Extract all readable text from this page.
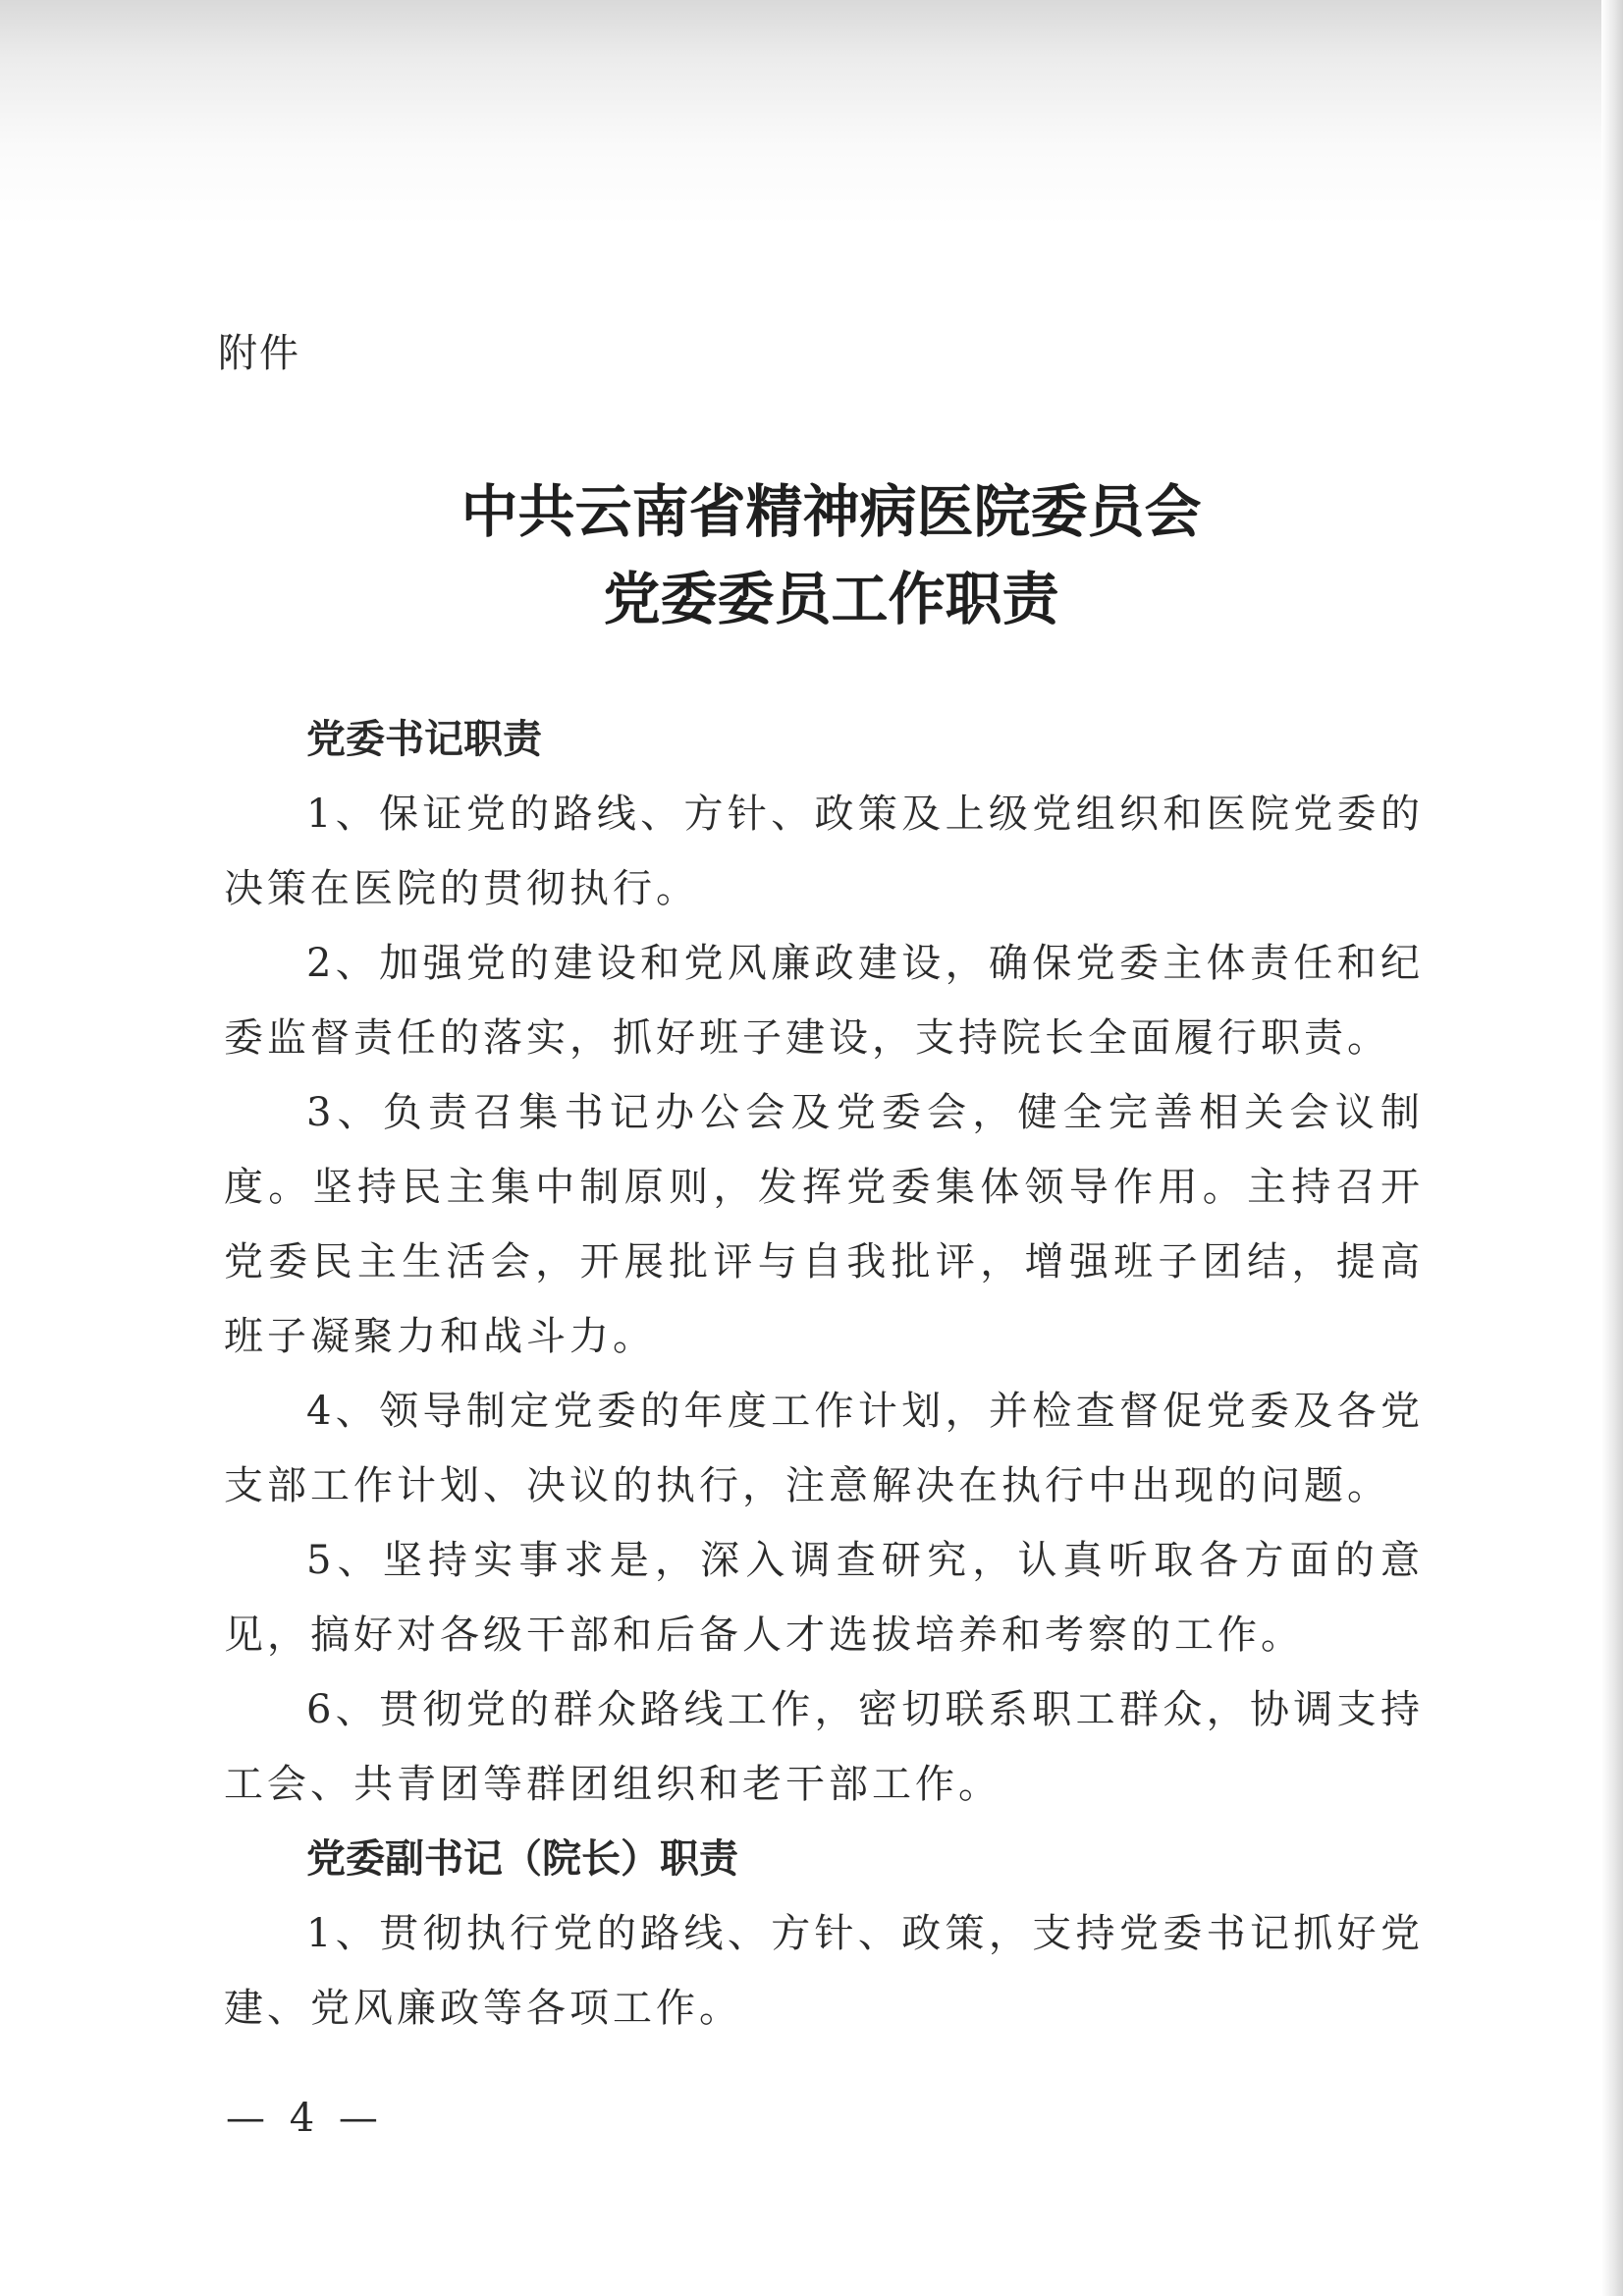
附件
中共云南省精神病医院委员会
党委委员工作职责

党委书记职责

1、保证党的路线、方针、政策及上级党组织和医院党委的决策在医院的贯彻执行。

2、加强党的建设和党风廉政建设，确保党委主体责任和纪委监督责任的落实，抓好班子建设，支持院长全面履行职责。

3、负责召集书记办公会及党委会，健全完善相关会议制度。坚持民主集中制原则，发挥党委集体领导作用。主持召开党委民主生活会，开展批评与自我批评，增强班子团结，提高班子凝聚力和战斗力。

4、领导制定党委的年度工作计划，并检查督促党委及各党支部工作计划、决议的执行，注意解决在执行中出现的问题。

5、坚持实事求是，深入调查研究，认真听取各方面的意见，搞好对各级干部和后备人才选拔培养和考察的工作。

6、贯彻党的群众路线工作，密切联系职工群众，协调支持工会、共青团等群团组织和老干部工作。

党委副书记（院长）职责

1、贯彻执行党的路线、方针、政策，支持党委书记抓好党建、党风廉政等各项工作。

— 4 —
